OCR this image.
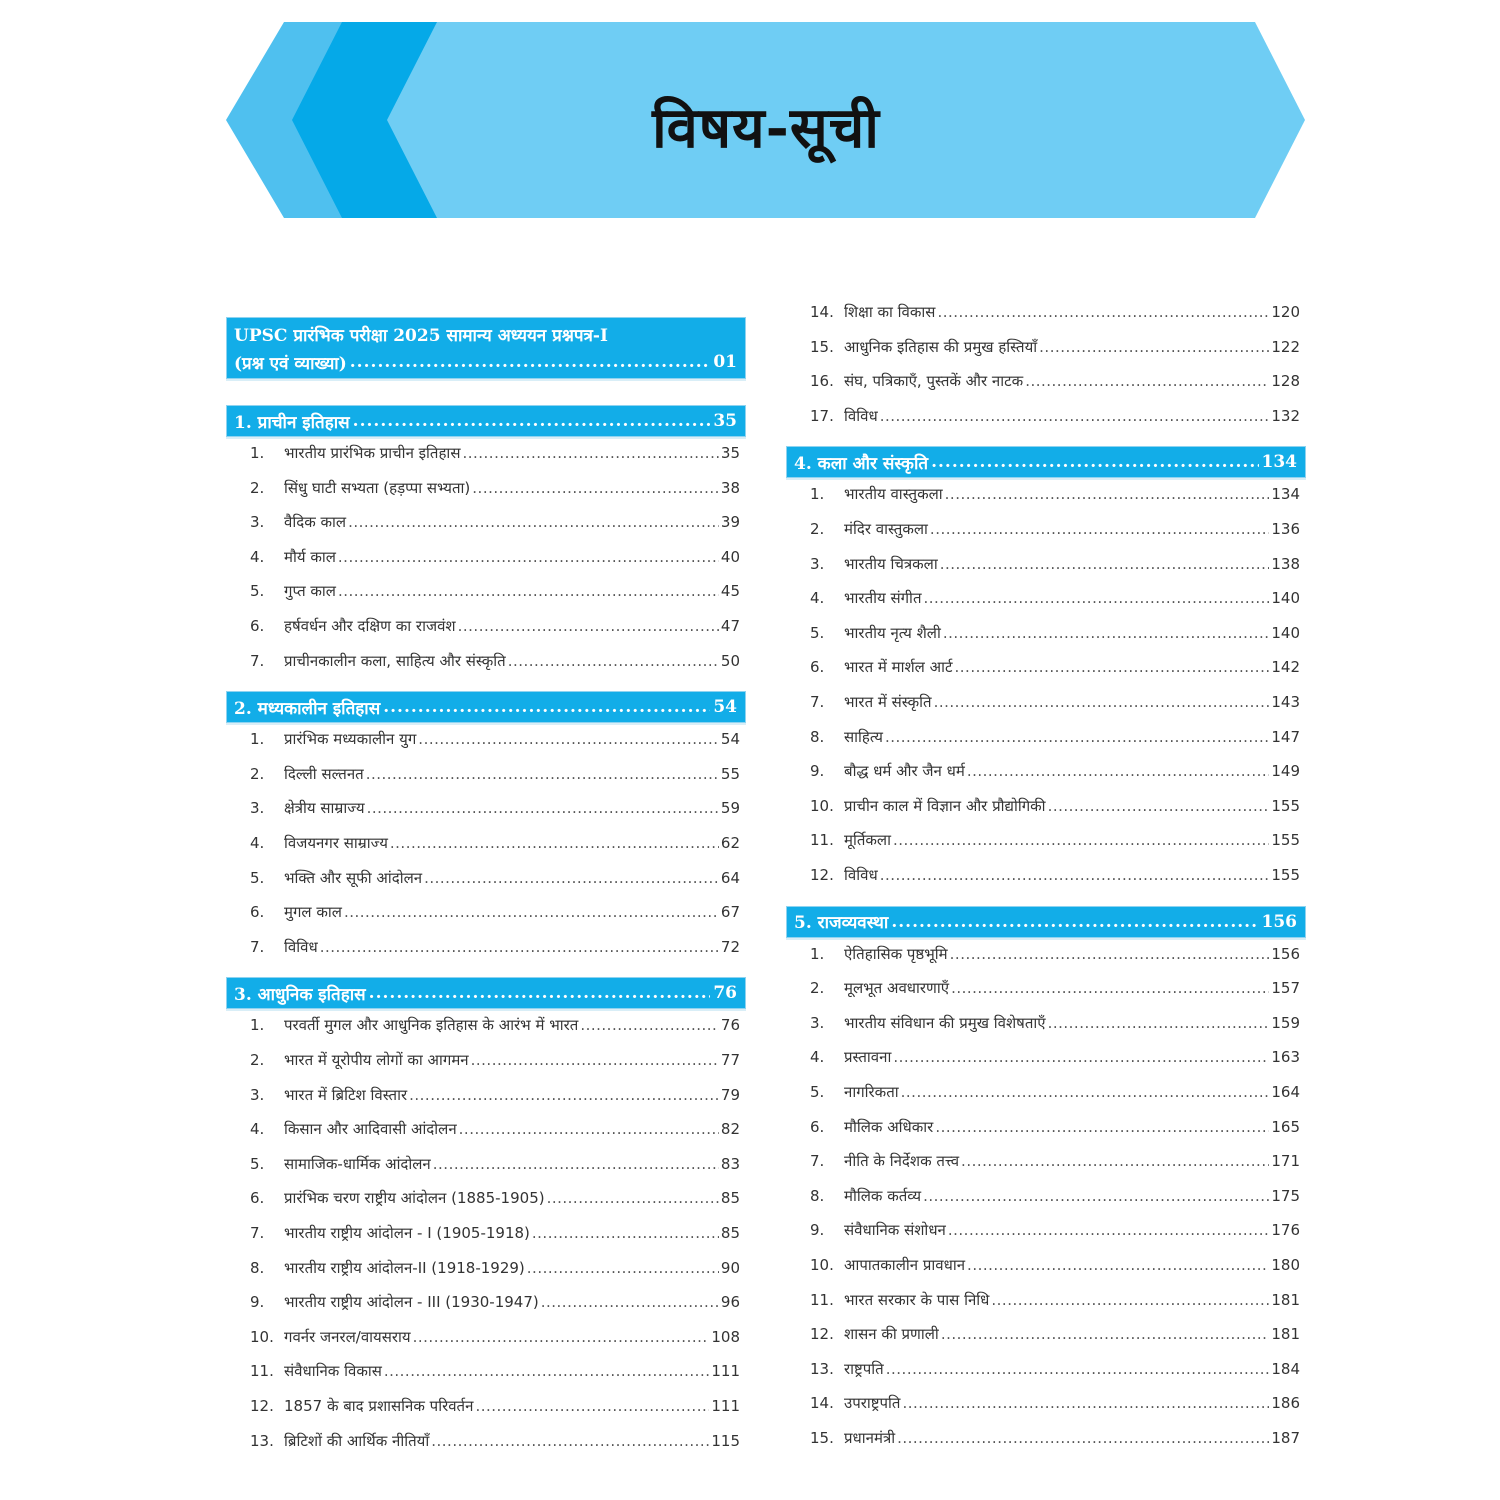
विषय-सूची
UPSC प्रारंभिक परीक्षा 2025 सामान्य अध्ययन प्रश्नपत्र-I
(प्रश्न एवं व्याख्या) .....	01
1. प्राचीन इतिहास .....	35
1.	भारतीय प्रारंभिक प्राचीन इतिहास .....	35
2.	सिंधु घाटी सभ्यता (हड़प्पा सभ्यता) .....	38
3.	वैदिक काल .....	39
4.	मौर्य काल .....	40
5.	गुप्त काल .....	45
6.	हर्षवर्धन और दक्षिण का राजवंश .....	47
7.	प्राचीनकालीन कला, साहित्य और संस्कृति .....	50
2. मध्यकालीन इतिहास .....	54
1.	प्रारंभिक मध्यकालीन युग .....	54
2.	दिल्ली सल्तनत .....	55
3.	क्षेत्रीय साम्राज्य .....	59
4.	विजयनगर साम्राज्य .....	62
5.	भक्ति और सूफी आंदोलन .....	64
6.	मुगल काल .....	67
7.	विविध .....	72
3. आधुनिक इतिहास .....	76
1.	परवर्ती मुगल और आधुनिक इतिहास के आरंभ में भारत .....	76
2.	भारत में यूरोपीय लोगों का आगमन .....	77
3.	भारत में ब्रिटिश विस्तार .....	79
4.	किसान और आदिवासी आंदोलन .....	82
5.	सामाजिक-धार्मिक आंदोलन .....	83
6.	प्रारंभिक चरण राष्ट्रीय आंदोलन (1885-1905) .....	85
7.	भारतीय राष्ट्रीय आंदोलन - I (1905-1918) .....	85
8.	भारतीय राष्ट्रीय आंदोलन-II (1918-1929) .....	90
9.	भारतीय राष्ट्रीय आंदोलन - III (1930-1947) .....	96
10. गवर्नर जनरल/वायसराय .....	108
11. संवैधानिक विकास .....	111
12. 1857 के बाद प्रशासनिक परिवर्तन .....	111
13. ब्रिटिशों की आर्थिक नीतियाँ .....	115
14. शिक्षा का विकास .....	120
15. आधुनिक इतिहास की प्रमुख हस्तियाँ .....	122
16. संघ, पत्रिकाएँ, पुस्तकें और नाटक .....	128
17. विविध .....	132
4. कला और संस्कृति .....	134
1.	भारतीय वास्तुकला .....	134
2.	मंदिर वास्तुकला .....	136
3.	भारतीय चित्रकला .....	138
4.	भारतीय संगीत .....	140
5.	भारतीय नृत्य शैली .....	140
6.	भारत में मार्शल आर्ट .....	142
7.	भारत में संस्कृति .....	143
8.	साहित्य .....	147
9.	बौद्ध धर्म और जैन धर्म .....	149
10. प्राचीन काल में विज्ञान और प्रौद्योगिकी .....	155
11. मूर्तिकला .....	155
12. विविध .....	155
5. राजव्यवस्था .....	156
1.	ऐतिहासिक पृष्ठभूमि .....	156
2.	मूलभूत अवधारणाएँ .....	157
3.	भारतीय संविधान की प्रमुख विशेषताएँ .....	159
4.	प्रस्तावना .....	163
5.	नागरिकता .....	164
6.	मौलिक अधिकार .....	165
7.	नीति के निर्देशक तत्त्व .....	171
8.	मौलिक कर्तव्य .....	175
9.	संवैधानिक संशोधन .....	176
10. आपातकालीन प्रावधान .....	180
11. भारत सरकार के पास निधि .....	181
12. शासन की प्रणाली .....	181
13. राष्ट्रपति .....	184
14. उपराष्ट्रपति .....	186
15. प्रधानमंत्री .....	187
